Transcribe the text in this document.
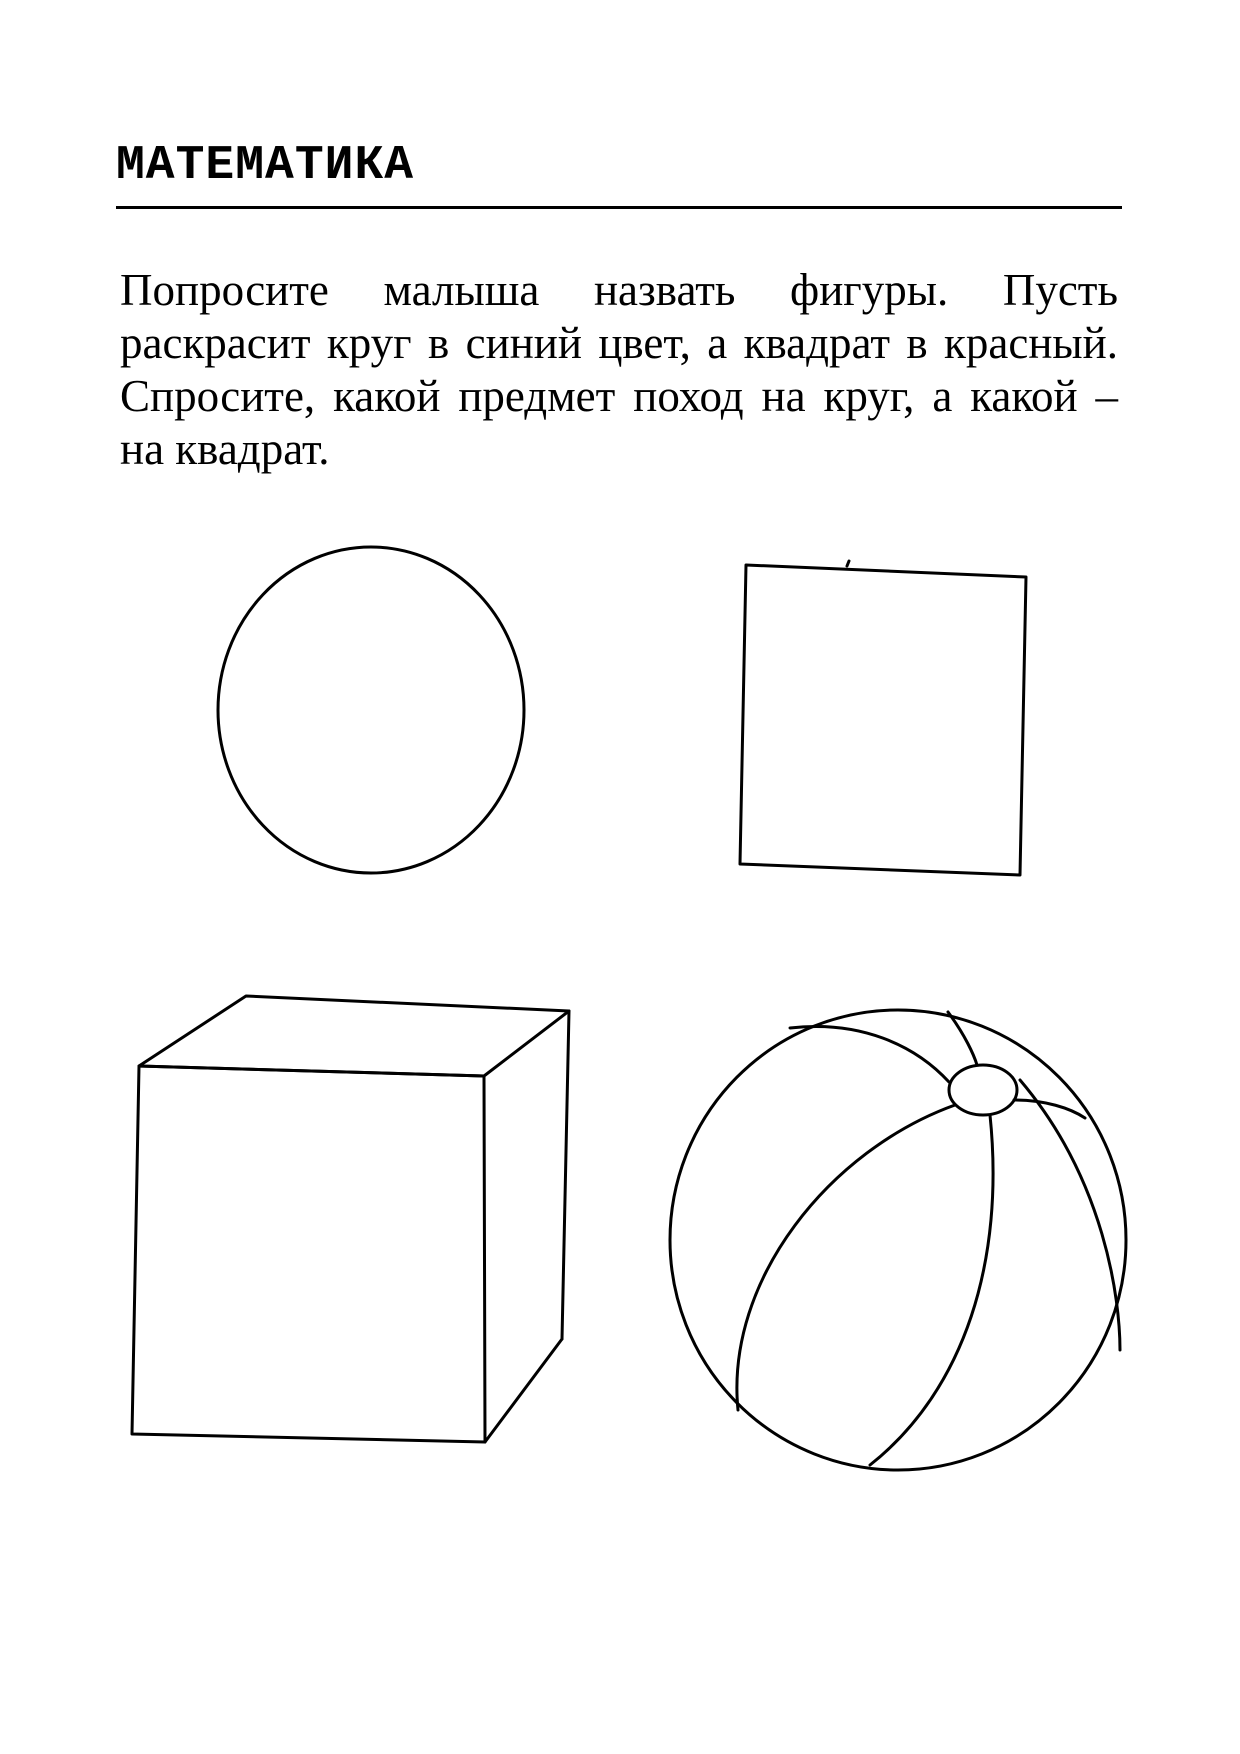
МАТЕМАТИКА

Попросите малыша назвать фигуры. Пусть раскрасит круг в синий цвет, а квадрат в красный. Спросите, какой предмет поход на круг, а какой – на квадрат.
